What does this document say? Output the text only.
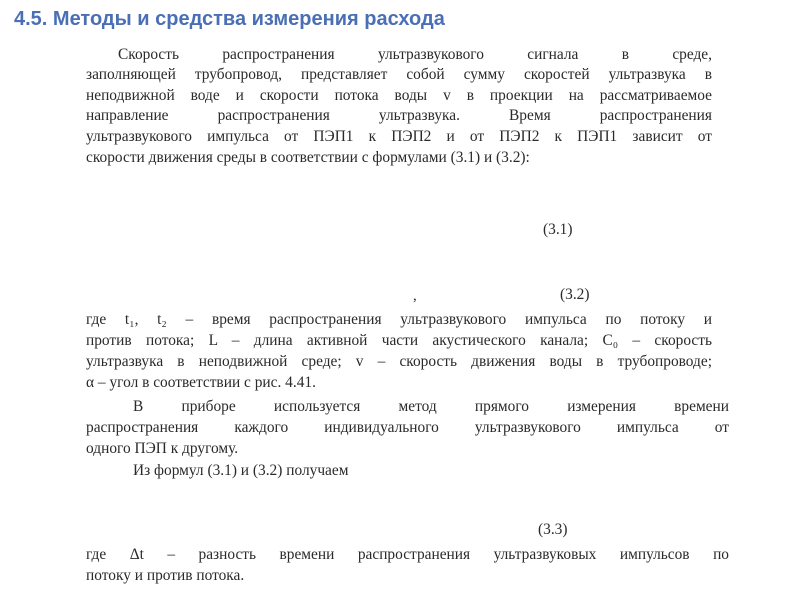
4.5. Методы и средства измерения расхода
Скорость распространения ультразвукового сигнала в среде,
заполняющей трубопровод, представляет собой сумму скоростей ультразвука в
неподвижной воде и скорости потока воды v в проекции на рассматриваемое
направление распространения ультразвука. Время распространения
ультразвукового импульса от ПЭП1 к ПЭП2 и от ПЭП2 к ПЭП1 зависит от
скорости движения среды в соответствии с формулами (3.1) и (3.2):
(3.1)
,	(3.2)
где t₁, t₂ – время распространения ультразвукового импульса по потоку и
против потока; L – длина активной части акустического канала; C₀ – скорость
ультразвука в неподвижной среде; v – скорость движения воды в трубопроводе;
α – угол в соответствии с рис. 4.41.
В приборе используется метод прямого измерения времени
распространения каждого индивидуального ультразвукового импульса от
одного ПЭП к другому.
Из формул (3.1) и (3.2) получаем
(3.3)
где Δt – разность времени распространения ультразвуковых импульсов по
потоку и против потока.
